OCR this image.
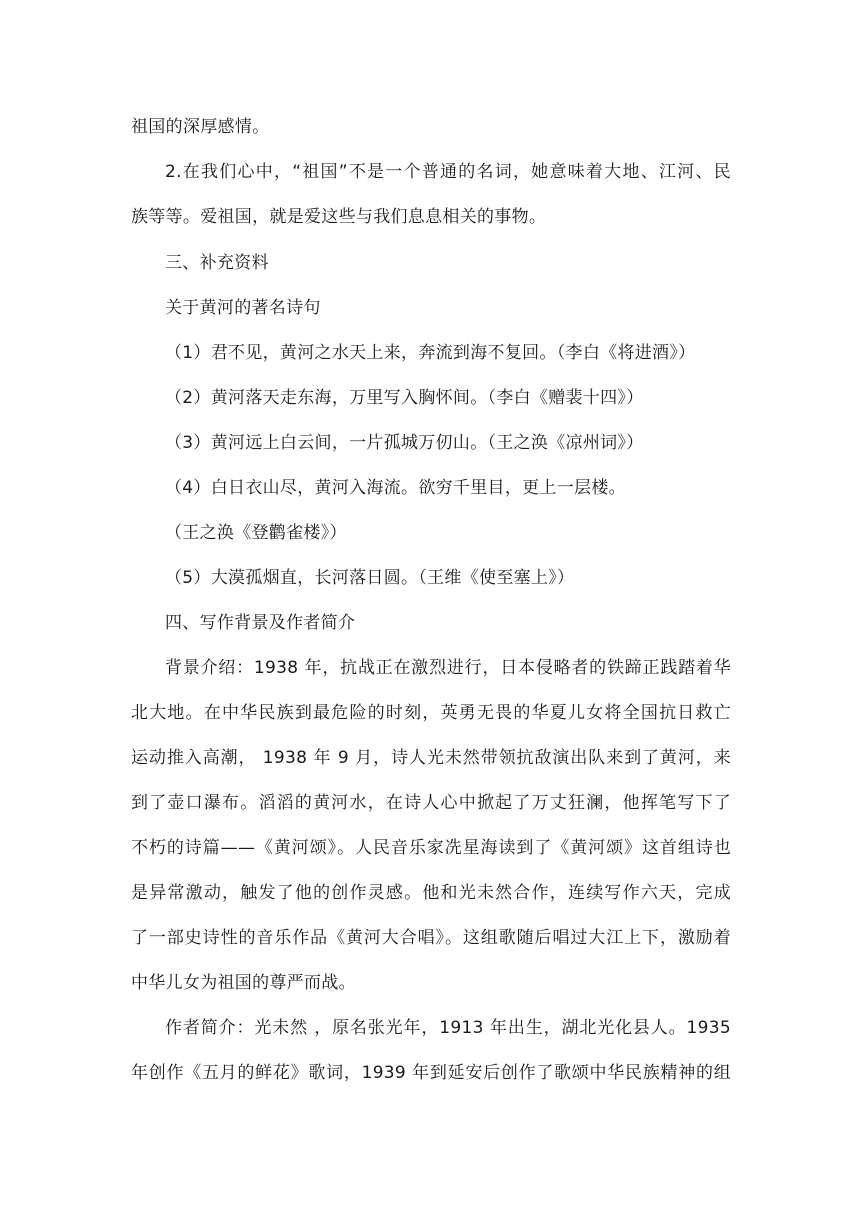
祖国的深厚感情。
2.在我们心中，“祖国”不是一个普通的名词，她意味着大地、江河、民
族等等。爱祖国，就是爱这些与我们息息相关的事物。
三、补充资料
关于黄河的著名诗句
（1）君不见，黄河之水天上来，奔流到海不复回。（李白《将进酒》）
（2）黄河落天走东海，万里写入胸怀间。（李白《赠裴十四》）
（3）黄河远上白云间，一片孤城万仞山。（王之涣《凉州词》）
（4）白日衣山尽，黄河入海流。欲穷千里目，更上一层楼。
（王之涣《登鹳雀楼》）
（5）大漠孤烟直，长河落日圆。（王维《使至塞上》）
四、写作背景及作者简介
背景介绍：1938 年，抗战正在激烈进行，日本侵略者的铁蹄正践踏着华
北大地。在中华民族到最危险的时刻，英勇无畏的华夏儿女将全国抗日救亡
运动推入高潮， 1938 年 9 月，诗人光未然带领抗敌演出队来到了黄河，来
到了壶口瀑布。滔滔的黄河水，在诗人心中掀起了万丈狂澜，他挥笔写下了
不朽的诗篇——《黄河颂》。人民音乐家冼星海读到了《黄河颂》这首组诗也
是异常激动，触发了他的创作灵感。他和光未然合作，连续写作六天，完成
了一部史诗性的音乐作品《黄河大合唱》。这组歌随后唱过大江上下，激励着
中华儿女为祖国的尊严而战。
作者简介：光未然 ，原名张光年，1913 年出生，湖北光化县人。1935
年创作《五月的鲜花》歌词，1939 年到延安后创作了歌颂中华民族精神的组
